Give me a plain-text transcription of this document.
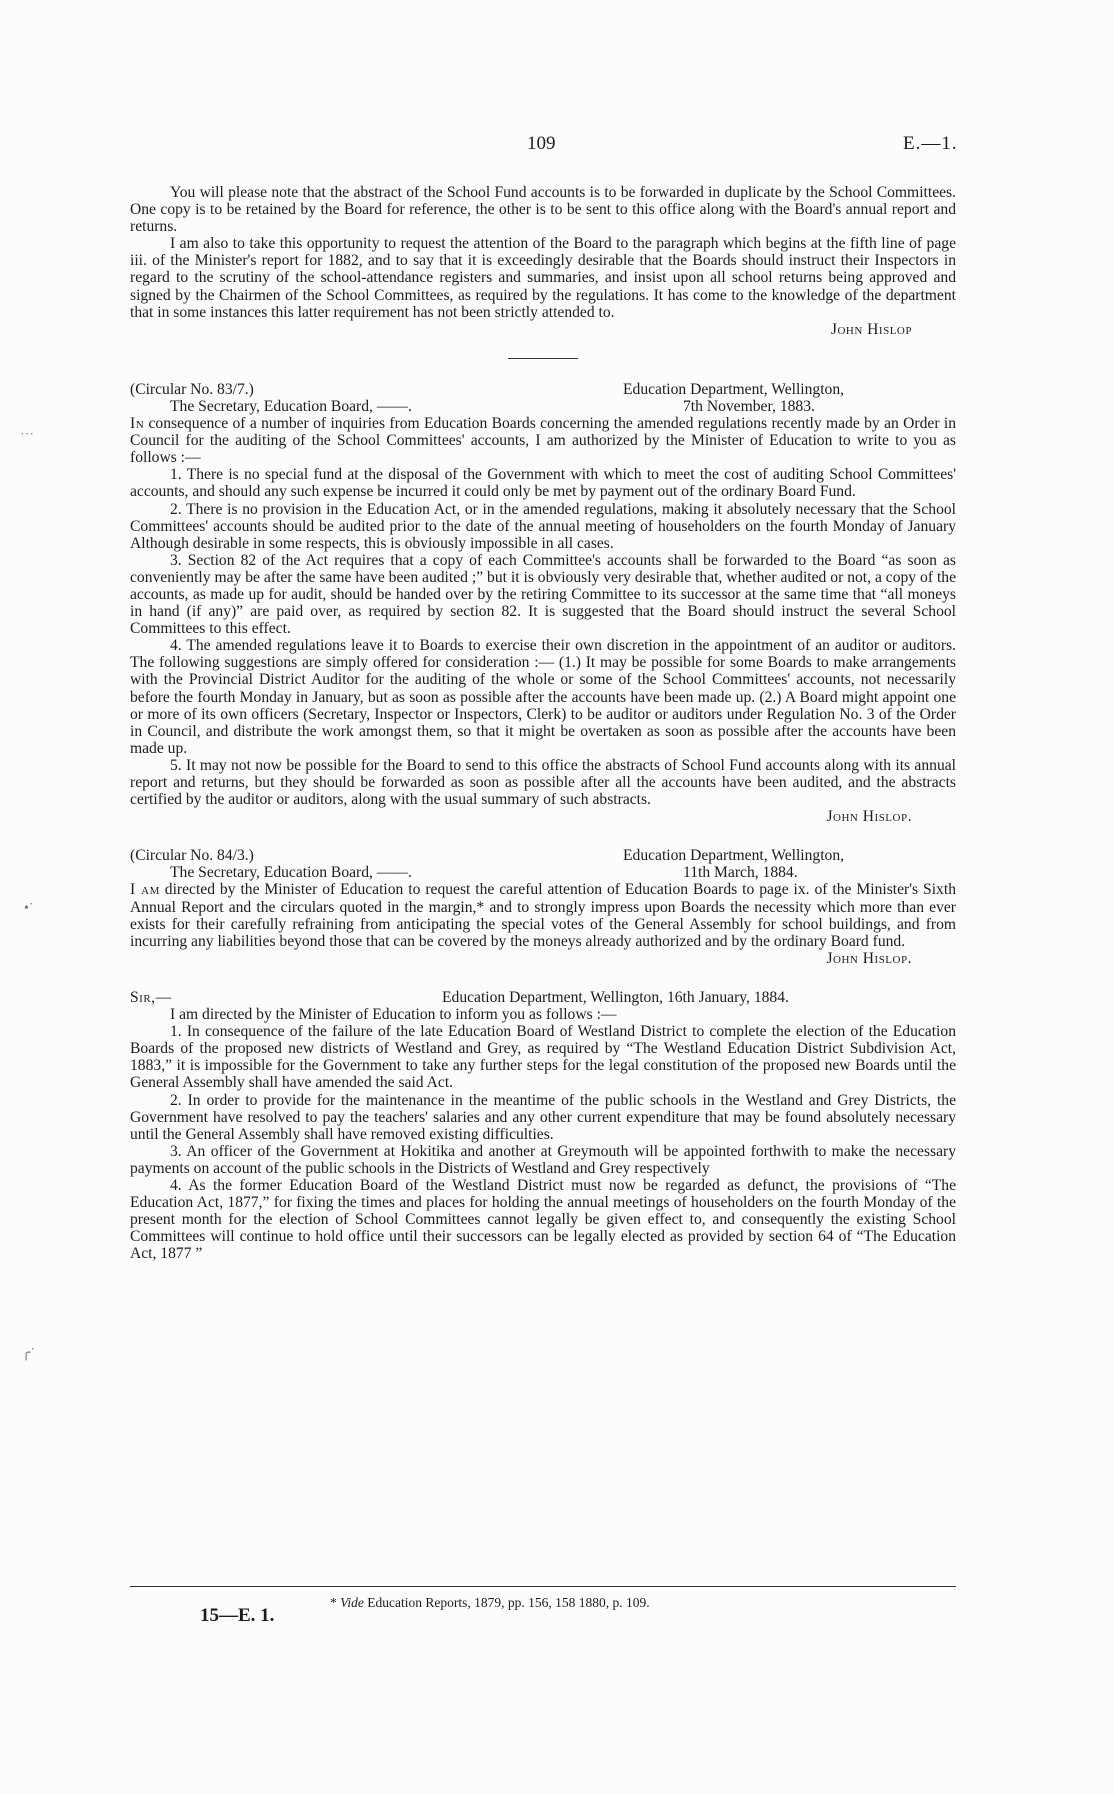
109	E.—1.
˙˙˙
•˙
╭˙

You will please note that the abstract of the School Fund accounts is to be forwarded in duplicate by the School Committees. One copy is to be retained by the Board for reference, the other is to be sent to this office along with the Board's annual report and returns.

I am also to take this opportunity to request the attention of the Board to the paragraph which begins at the fifth line of page iii. of the Minister's report for 1882, and to say that it is exceedingly desirable that the Boards should instruct their Inspectors in regard to the scrutiny of the school-attendance registers and summaries, and insist upon all school returns being approved and signed by the Chairmen of the School Committees, as required by the regulations. It has come to the knowledge of the department that in some instances this latter requirement has not been strictly attended to.

John Hislop

(Circular No. 83/7.)	Education Department, Wellington,
The Secretary, Education Board, ——.	7th November, 1883.

In consequence of a number of inquiries from Education Boards concerning the amended regulations recently made by an Order in Council for the auditing of the School Committees' accounts, I am authorized by the Minister of Education to write to you as follows :—

1. There is no special fund at the disposal of the Government with which to meet the cost of auditing School Committees' accounts, and should any such expense be incurred it could only be met by payment out of the ordinary Board Fund.

2. There is no provision in the Education Act, or in the amended regulations, making it absolutely necessary that the School Committees' accounts should be audited prior to the date of the annual meeting of householders on the fourth Monday of January Although desirable in some respects, this is obviously impossible in all cases.

3. Section 82 of the Act requires that a copy of each Committee's accounts shall be forwarded to the Board “as soon as conveniently may be after the same have been audited ;” but it is obviously very desirable that, whether audited or not, a copy of the accounts, as made up for audit, should be handed over by the retiring Committee to its successor at the same time that “all moneys in hand (if any)” are paid over, as required by section 82. It is suggested that the Board should instruct the several School Committees to this effect.

4. The amended regulations leave it to Boards to exercise their own discretion in the appointment of an auditor or auditors. The following suggestions are simply offered for consideration :— (1.) It may be possible for some Boards to make arrangements with the Provincial District Auditor for the auditing of the whole or some of the School Committees' accounts, not necessarily before the fourth Monday in January, but as soon as possible after the accounts have been made up. (2.) A Board might appoint one or more of its own officers (Secretary, Inspector or Inspectors, Clerk) to be auditor or auditors under Regulation No. 3 of the Order in Council, and distribute the work amongst them, so that it might be overtaken as soon as possible after the accounts have been made up.

5. It may not now be possible for the Board to send to this office the abstracts of School Fund accounts along with its annual report and returns, but they should be forwarded as soon as possible after all the accounts have been audited, and the abstracts certified by the auditor or auditors, along with the usual summary of such abstracts.

John Hislop.

(Circular No. 84/3.)	Education Department, Wellington,
The Secretary, Education Board, ——.	11th March, 1884.

I am directed by the Minister of Education to request the careful attention of Education Boards to page ix. of the Minister's Sixth Annual Report and the circulars quoted in the margin,* and to strongly impress upon Boards the necessity which more than ever exists for their carefully refraining from anticipating the special votes of the General Assembly for school buildings, and from incurring any liabilities beyond those that can be covered by the moneys already authorized and by the ordinary Board fund.

John Hislop.

Sir,—	Education Department, Wellington, 16th January, 1884.

I am directed by the Minister of Education to inform you as follows :—

1. In consequence of the failure of the late Education Board of Westland District to complete the election of the Education Boards of the proposed new districts of Westland and Grey, as required by “The Westland Education District Subdivision Act, 1883,” it is impossible for the Government to take any further steps for the legal constitution of the proposed new Boards until the General Assembly shall have amended the said Act.

2. In order to provide for the maintenance in the meantime of the public schools in the Westland and Grey Districts, the Government have resolved to pay the teachers' salaries and any other current expenditure that may be found absolutely necessary until the General Assembly shall have removed existing difficulties.

3. An officer of the Government at Hokitika and another at Greymouth will be appointed forthwith to make the necessary payments on account of the public schools in the Districts of Westland and Grey respectively

4. As the former Education Board of the Westland District must now be regarded as defunct, the provisions of “The Education Act, 1877,” for fixing the times and places for holding the annual meetings of householders on the fourth Monday of the present month for the election of School Committees cannot legally be given effect to, and consequently the existing School Committees will continue to hold office until their successors can be legally elected as provided by section 64 of “The Education Act, 1877 ”

* Vide Education Reports, 1879, pp. 156, 158 1880, p. 109.
15—E. 1.
